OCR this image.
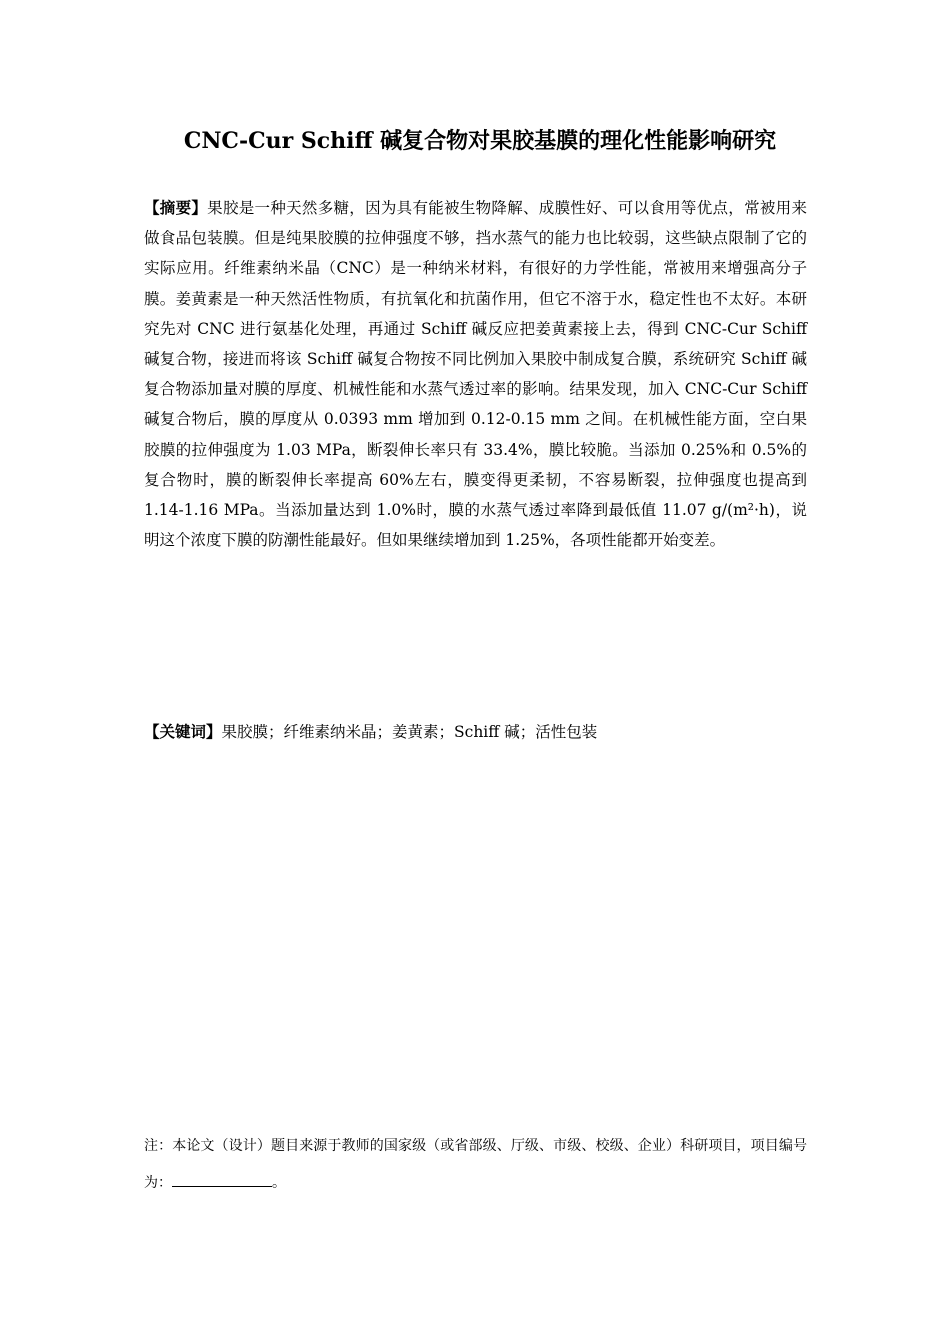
CNC-Cur Schiff 碱复合物对果胶基膜的理化性能影响研究

【摘要】果胶是一种天然多糖，因为具有能被生物降解、成膜性好、可以食用等优点，常被用来做食品包装膜。但是纯果胶膜的拉伸强度不够，挡水蒸气的能力也比较弱，这些缺点限制了它的实际应用。纤维素纳米晶（CNC）是一种纳米材料，有很好的力学性能，常被用来增强高分子膜。姜黄素是一种天然活性物质，有抗氧化和抗菌作用，但它不溶于水，稳定性也不太好。本研究先对 CNC 进行氨基化处理，再通过 Schiff 碱反应把姜黄素接上去，得到 CNC-Cur Schiff 碱复合物，接进而将该 Schiff 碱复合物按不同比例加入果胶中制成复合膜，系统研究 Schiff 碱复合物添加量对膜的厚度、机械性能和水蒸气透过率的影响。结果发现，加入 CNC-Cur Schiff 碱复合物后，膜的厚度从 0.0393 mm 增加到 0.12-0.15 mm 之间。在机械性能方面，空白果胶膜的拉伸强度为 1.03 MPa，断裂伸长率只有 33.4%，膜比较脆。当添加 0.25%和 0.5%的复合物时，膜的断裂伸长率提高 60%左右，膜变得更柔韧，不容易断裂，拉伸强度也提高到 1.14-1.16 MPa。当添加量达到 1.0%时，膜的水蒸气透过率降到最低值 11.07 g/(m²·h)，说明这个浓度下膜的防潮性能最好。但如果继续增加到 1.25%，各项性能都开始变差。

【关键词】果胶膜；纤维素纳米晶；姜黄素；Schiff 碱；活性包装

注：本论文（设计）题目来源于教师的国家级（或省部级、厅级、市级、校级、企业）科研项目，项目编号为：	。
